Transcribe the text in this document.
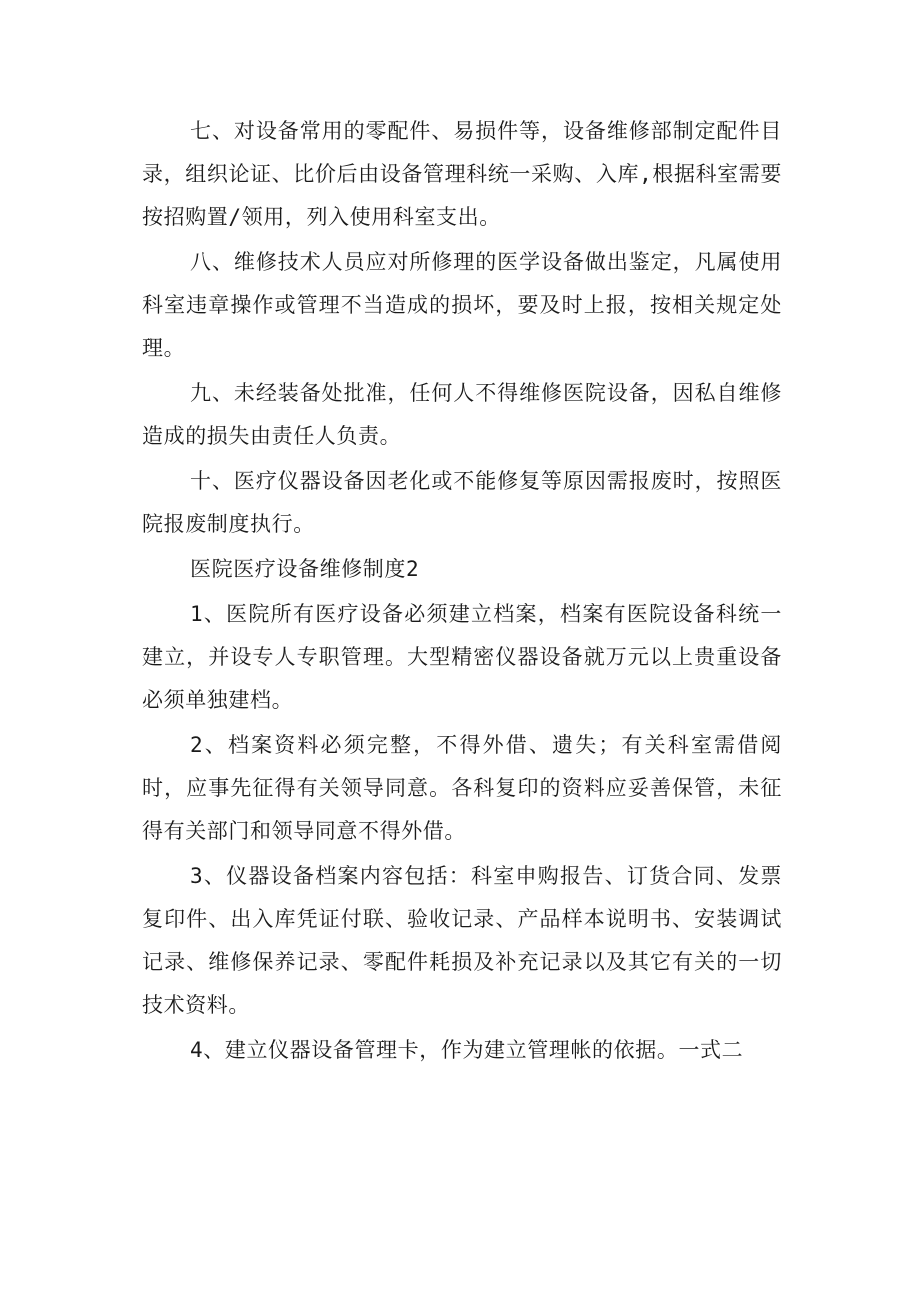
七、对设备常用的零配件、易损件等，设备维修部制定配件目录，组织论证、比价后由设备管理科统一采购、入库,根据科室需要按招购置/领用，列入使用科室支出。

八、维修技术人员应对所修理的医学设备做出鉴定，凡属使用科室违章操作或管理不当造成的损坏，要及时上报，按相关规定处理。

九、未经装备处批准，任何人不得维修医院设备，因私自维修造成的损失由责任人负责。

十、医疗仪器设备因老化或不能修复等原因需报废时，按照医院报废制度执行。

医院医疗设备维修制度2

1、医院所有医疗设备必须建立档案，档案有医院设备科统一建立，并设专人专职管理。大型精密仪器设备就万元以上贵重设备必须单独建档。

2、档案资料必须完整，不得外借、遗失；有关科室需借阅时，应事先征得有关领导同意。各科复印的资料应妥善保管，未征得有关部门和领导同意不得外借。

3、仪器设备档案内容包括：科室申购报告、订货合同、发票复印件、出入库凭证付联、验收记录、产品样本说明书、安装调试记录、维修保养记录、零配件耗损及补充记录以及其它有关的一切技术资料。

4、建立仪器设备管理卡，作为建立管理帐的依据。一式二
